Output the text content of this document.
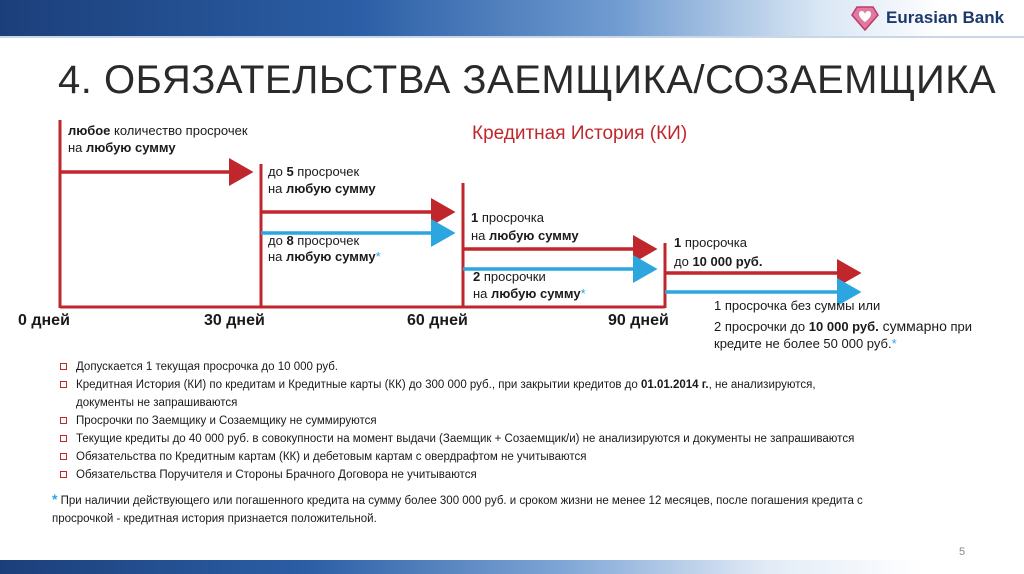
Eurasian Bank
4. ОБЯЗАТЕЛЬСТВА ЗАЕМЩИКА/СОЗАЕМЩИКА
Кредитная История (КИ)
любое количество просрочек
на любую сумму
до 5 просрочек
на любую сумму
до 8 просрочек
на любую сумму*
1 просрочка
на любую сумму
2 просрочки
на любую сумму*
1 просрочка
до 10 000 руб.
1 просрочка без суммы или
2 просрочки до 10 000 руб. суммарно при
кредите не более 50 000 руб.*
0 дней	30 дней	60 дней	90 дней
Допускается 1 текущая просрочка до 10 000 руб.
Кредитная История (КИ) по кредитам и Кредитные карты (КК) до 300 000 руб., при закрытии кредитов до 01.01.2014 г., не анализируются,
документы не запрашиваются
Просрочки по Заемщику и Созаемщику не суммируются
Текущие кредиты до 40 000 руб. в совокупности на момент выдачи (Заемщик + Созаемщик/и) не анализируются и документы не запрашиваются
Обязательства по Кредитным картам (КК) и дебетовым картам с овердрафтом не учитываются
Обязательства Поручителя и Стороны Брачного Договора не учитываются
* При наличии действующего или погашенного кредита на сумму более 300 000 руб. и сроком жизни не менее 12 месяцев, после погашения кредита с
просрочкой - кредитная история признается положительной.
5
